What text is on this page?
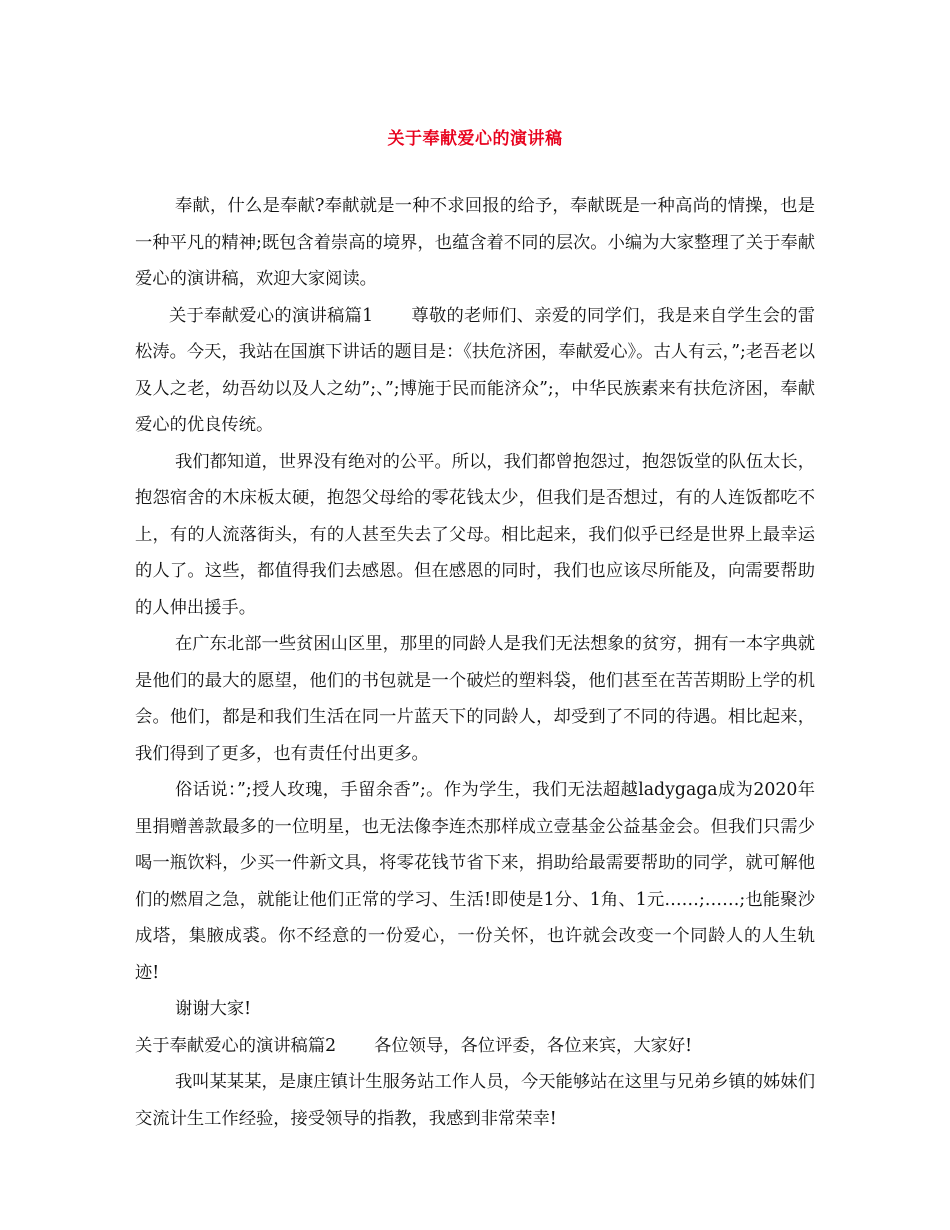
关于奉献爱心的演讲稿

奉献，什么是奉献?奉献就是一种不求回报的给予，奉献既是一种高尚的情操，也是一种平凡的精神;既包含着崇高的境界，也蕴含着不同的层次。小编为大家整理了关于奉献爱心的演讲稿，欢迎大家阅读。

关于奉献爱心的演讲稿篇1 尊敬的老师们、亲爱的同学们，我是来自学生会的雷松涛。今天，我站在国旗下讲话的题目是：《扶危济困，奉献爱心》。古人有云，”;老吾老以及人之老，幼吾幼以及人之幼”;、”;博施于民而能济众”;，中华民族素来有扶危济困，奉献爱心的优良传统。

我们都知道，世界没有绝对的公平。所以，我们都曾抱怨过，抱怨饭堂的队伍太长，抱怨宿舍的木床板太硬，抱怨父母给的零花钱太少，但我们是否想过，有的人连饭都吃不上，有的人流落街头，有的人甚至失去了父母。相比起来，我们似乎已经是世界上最幸运的人了。这些，都值得我们去感恩。但在感恩的同时，我们也应该尽所能及，向需要帮助的人伸出援手。

在广东北部一些贫困山区里，那里的同龄人是我们无法想象的贫穷，拥有一本字典就是他们的最大的愿望，他们的书包就是一个破烂的塑料袋，他们甚至在苦苦期盼上学的机会。他们，都是和我们生活在同一片蓝天下的同龄人，却受到了不同的待遇。相比起来，我们得到了更多，也有责任付出更多。

俗话说：”;授人玫瑰，手留余香”;。作为学生，我们无法超越ladygaga成为2020年里捐赠善款最多的一位明星，也无法像李连杰那样成立壹基金公益基金会。但我们只需少喝一瓶饮料，少买一件新文具，将零花钱节省下来，捐助给最需要帮助的同学，就可解他们的燃眉之急，就能让他们正常的学习、生活!即使是1分、1角、1元……;……;也能聚沙成塔，集腋成裘。你不经意的一份爱心，一份关怀，也许就会改变一个同龄人的人生轨迹!

谢谢大家!

关于奉献爱心的演讲稿篇2 各位领导，各位评委，各位来宾，大家好!

我叫某某某，是康庄镇计生服务站工作人员，今天能够站在这里与兄弟乡镇的姊妹们交流计生工作经验，接受领导的指教，我感到非常荣幸!
